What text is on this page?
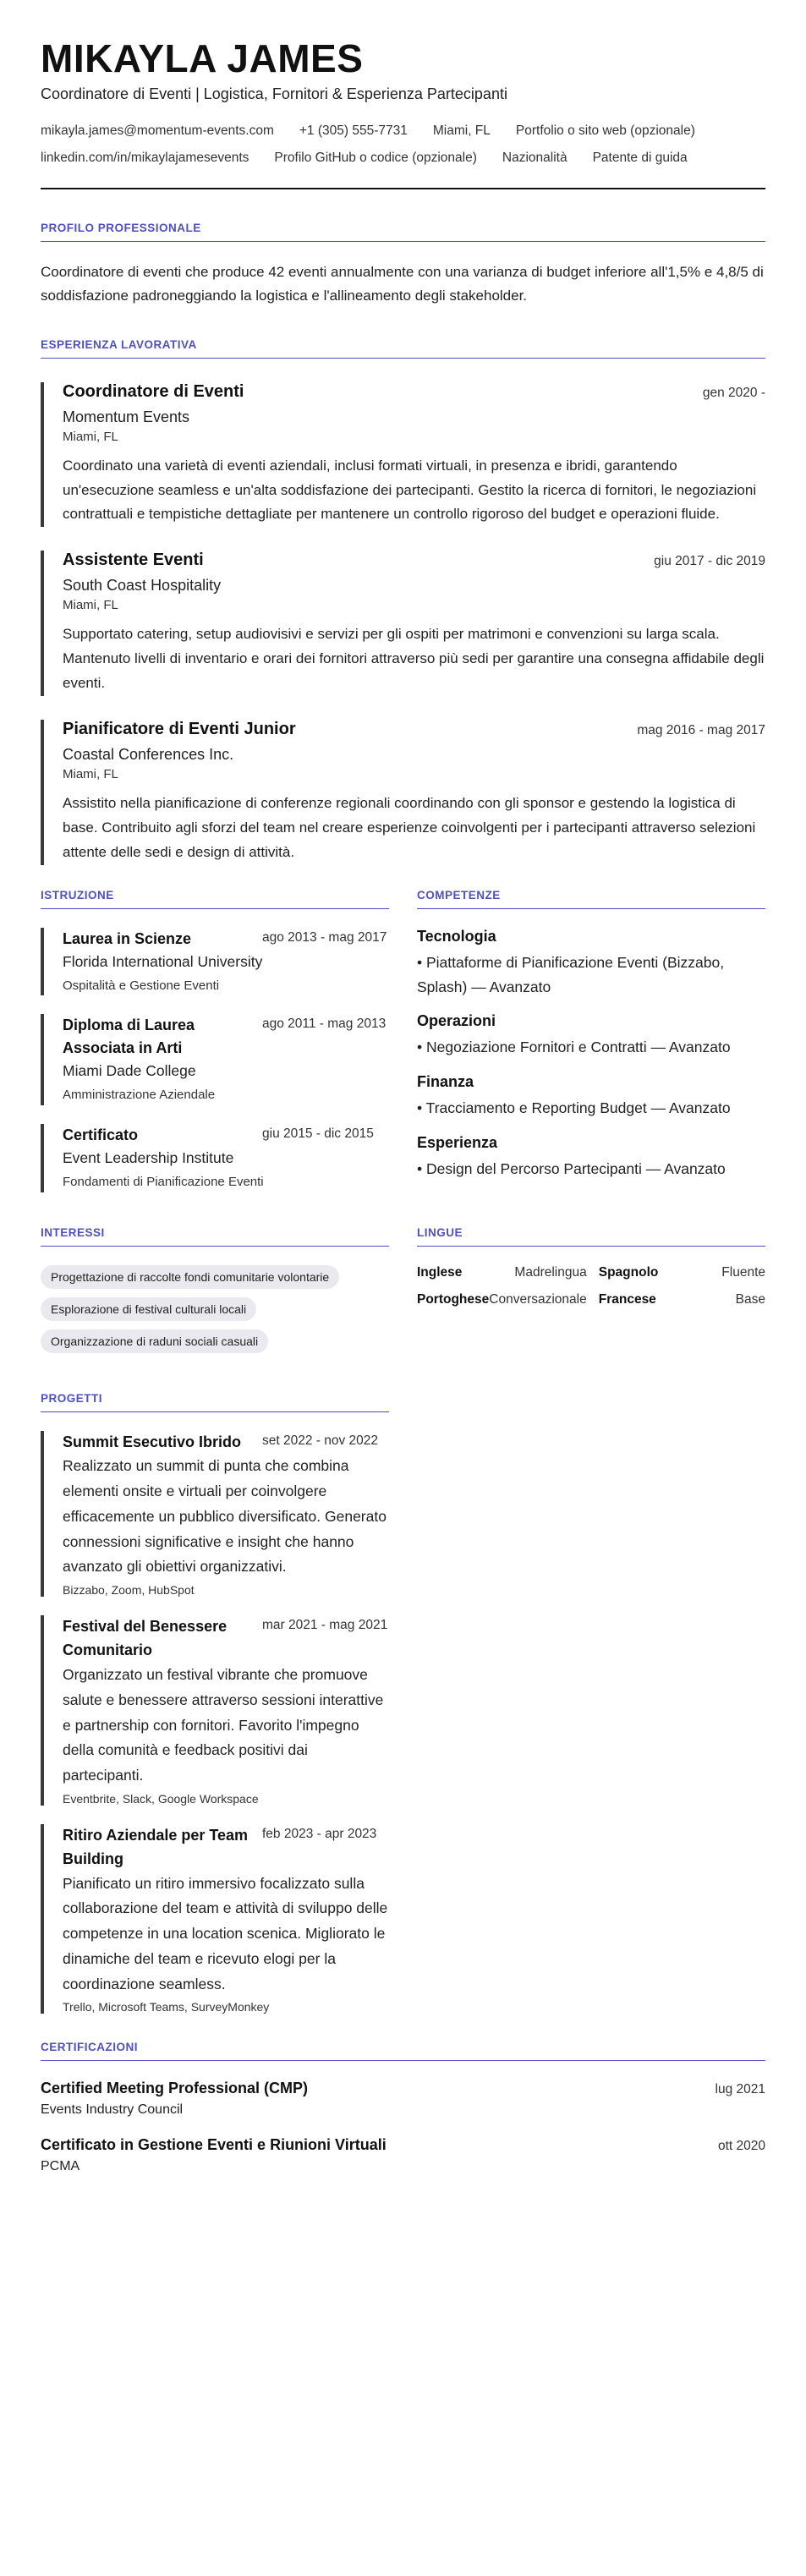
MIKAYLA JAMES
Coordinatore di Eventi | Logistica, Fornitori & Esperienza Partecipanti
mikayla.james@momentum-events.com +1 (305) 555-7731 Miami, FL Portfolio o sito web (opzionale)
linkedin.com/in/mikaylajamesevents Profilo GitHub o codice (opzionale) Nazionalità Patente di guida
PROFILO PROFESSIONALE

Coordinatore di eventi che produce 42 eventi annualmente con una varianza di budget inferiore all'1,5% e 4,8/5 di soddisfazione padroneggiando la logistica e l'allineamento degli stakeholder.

ESPERIENZA LAVORATIVA
Coordinatore di Eventi	gen 2020 -
Momentum Events
Miami, FL

Coordinato una varietà di eventi aziendali, inclusi formati virtuali, in presenza e ibridi, garantendo un'esecuzione seamless e un'alta soddisfazione dei partecipanti. Gestito la ricerca di fornitori, le negoziazioni contrattuali e tempistiche dettagliate per mantenere un controllo rigoroso del budget e operazioni fluide.

Assistente Eventi	giu 2017 - dic 2019
South Coast Hospitality
Miami, FL

Supportato catering, setup audiovisivi e servizi per gli ospiti per matrimoni e convenzioni su larga scala. Mantenuto livelli di inventario e orari dei fornitori attraverso più sedi per garantire una consegna affidabile degli eventi.

Pianificatore di Eventi Junior	mag 2016 - mag 2017
Coastal Conferences Inc.
Miami, FL

Assistito nella pianificazione di conferenze regionali coordinando con gli sponsor e gestendo la logistica di base. Contribuito agli sforzi del team nel creare esperienze coinvolgenti per i partecipanti attraverso selezioni attente delle sedi e design di attività.

ISTRUZIONE
Laurea in Scienze	ago 2013 - mag 2017
Florida International University
Ospitalità e Gestione Eventi
Diploma di Laurea Associata in Arti
ago 2011 - mag 2013
Miami Dade College
Amministrazione Aziendale
Certificato	giu 2015 - dic 2015
Event Leadership Institute
Fondamenti di Pianificazione Eventi
COMPETENZE
Tecnologia
• Piattaforme di Pianificazione Eventi (Bizzabo, Splash) — Avanzato
Operazioni
• Negoziazione Fornitori e Contratti — Avanzato
Finanza
• Tracciamento e Reporting Budget — Avanzato
Esperienza
• Design del Percorso Partecipanti — Avanzato
INTERESSI
Progettazione di raccolte fondi comunitarie volontarie
Esplorazione di festival culturali locali
Organizzazione di raduni sociali casuali
LINGUE
Inglese	Madrelingua Spagnolo	Fluente
Portoghese Conversazionale Francese	Base
PROGETTI
Summit Esecutivo Ibrido set 2022 - nov 2022

Realizzato un summit di punta che combina elementi onsite e virtuali per coinvolgere efficacemente un pubblico diversificato. Generato connessioni significative e insight che hanno avanzato gli obiettivi organizzativi.

Bizzabo, Zoom, HubSpot
Festival del Benessere Comunitario
mar 2021 - mag 2021

Organizzato un festival vibrante che promuove salute e benessere attraverso sessioni interattive e partnership con fornitori. Favorito l'impegno della comunità e feedback positivi dai partecipanti.

Eventbrite, Slack, Google Workspace
Ritiro Aziendale per Team Building
feb 2023 - apr 2023

Pianificato un ritiro immersivo focalizzato sulla collaborazione del team e attività di sviluppo delle competenze in una location scenica. Migliorato le dinamiche del team e ricevuto elogi per la coordinazione seamless.

Trello, Microsoft Teams, SurveyMonkey
CERTIFICAZIONI
Certified Meeting Professional (CMP)	lug 2021
Events Industry Council
Certificato in Gestione Eventi e Riunioni Virtuali	ott 2020
PCMA
